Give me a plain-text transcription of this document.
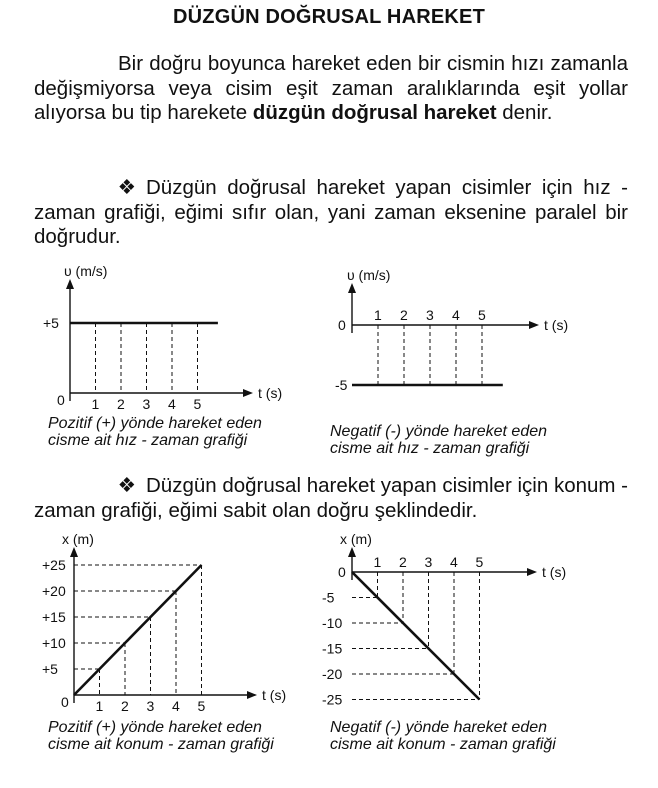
DÜZGÜN DOĞRUSAL HAREKET

Bir doğru boyunca hareket eden bir cismin hızı zamanla değişmiyorsa veya cisim eşit zaman aralıklarında eşit yollar alıyorsa bu tip harekete düzgün doğrusal hareket denir.

❖ Düzgün doğrusal hareket yapan cisimler için hız - zaman grafiği, eğimi sıfır olan, yani zaman eksenine paralel bir doğrudur.

❖ Düzgün doğrusal hareket yapan cisimler için konum - zaman grafiği, eğimi sabit olan doğru şeklindedir.

υ (m/s)
t (s)
0 1 2 3 4 5
+5
υ (m/s)
t (s)
0
1 2 3 4 5
-5
x (m)
t (s)
0 1
+5
2
+10
3
+15
4
+20
5
+25
x (m)
t (s)
0
1
-5
2
-10
3
-15
4
-20
5
-25
Pozitif (+) yönde hareket eden
cisme ait hız - zaman grafiği
Negatif (-) yönde hareket eden
cisme ait hız - zaman grafiği
Pozitif (+) yönde hareket eden
cisme ait konum - zaman grafiği
Negatif (-) yönde hareket eden
cisme ait konum - zaman grafiği
